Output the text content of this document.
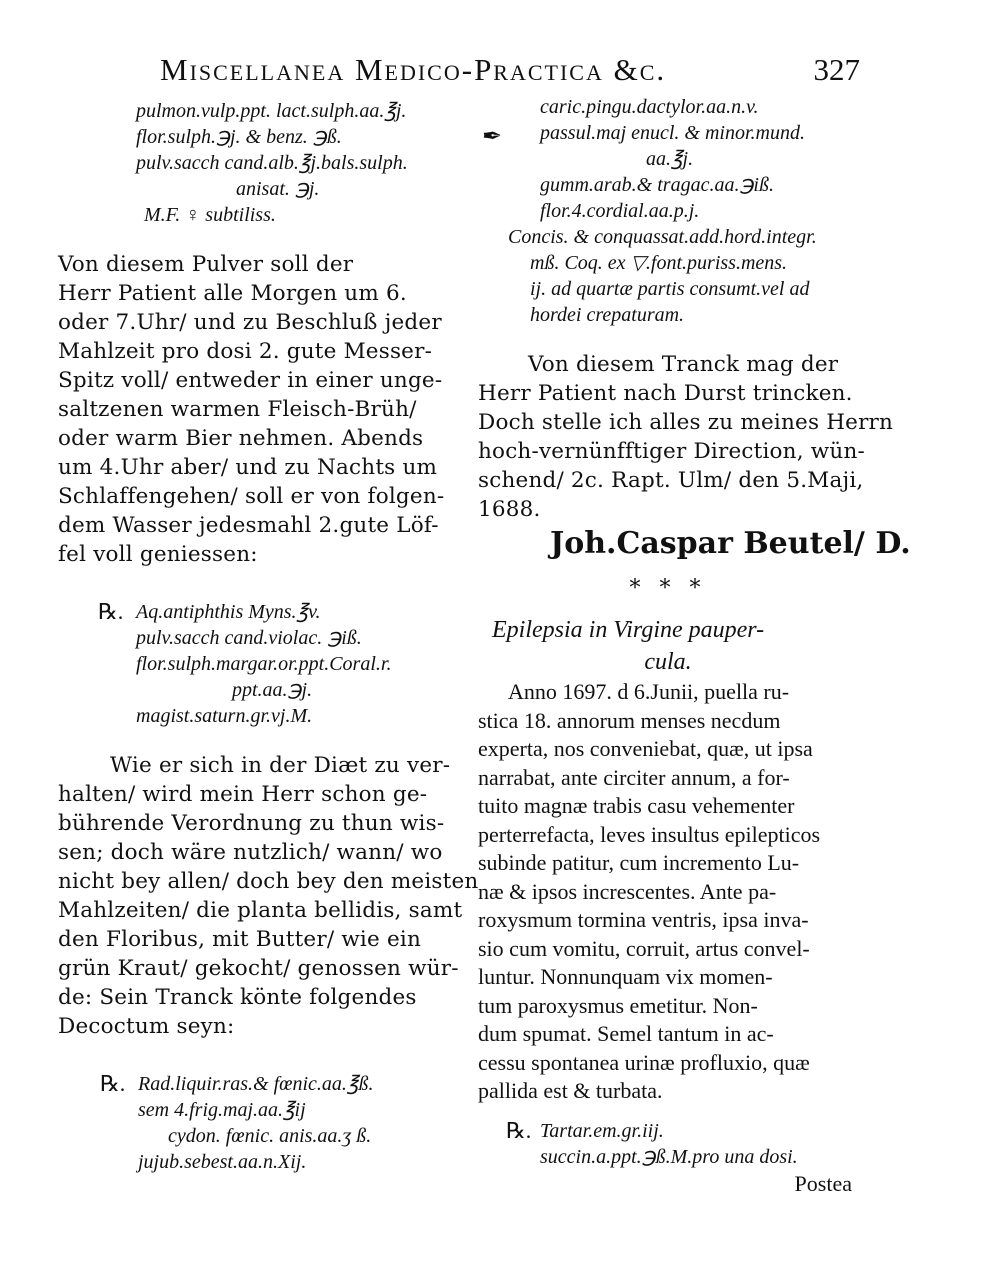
Miscellanea Medico-Practica &c.	327
✒
pulmon.vulp.ppt. lact.sulph.aa.℥j.
flor.sulph.℈j. & benz. ℈ß.
pulv.sacch cand.alb.℥j.bals.sulph.
anisat. ℈j.
M.F. ♀ subtiliss.
Von diesem Pulver soll der
Herr Patient alle Morgen um 6.
oder 7.Uhr/ und zu Beschluß jeder
Mahlzeit pro dosi 2. gute Messer-
Spitz voll/ entweder in einer unge-
saltzenen warmen Fleisch-Brüh/
oder warm Bier nehmen. Abends
um 4.Uhr aber/ und zu Nachts um
Schlaffengehen/ soll er von folgen-
dem Wasser jedesmahl 2.gute Löf-
fel voll geniessen:
℞. Aq.antiphthis Myns.℥v.
pulv.sacch cand.violac. ℈iß.
flor.sulph.margar.or.ppt.Coral.r.
ppt.aa.℈j.
magist.saturn.gr.vj.M.
Wie er sich in der Diæt zu ver-
halten/ wird mein Herr schon ge-
bührende Verordnung zu thun wis-
sen; doch wäre nutzlich/ wann/ wo
nicht bey allen/ doch bey den meisten
Mahlzeiten/ die planta bellidis, samt
den Floribus, mit Butter/ wie ein
grün Kraut/ gekocht/ genossen wür-
de: Sein Tranck könte folgendes
Decoctum seyn:
℞. Rad.liquir.ras.& fœnic.aa.℥ß.
sem 4.frig.maj.aa.℥ij
cydon. fœnic. anis.aa.ʒ ß.
jujub.sebest.aa.n.Xij.
caric.pingu.dactylor.aa.n.v.
passul.maj enucl. & minor.mund.
aa.℥j.
gumm.arab.& tragac.aa.℈iß.
flor.4.cordial.aa.p.j.
Concis. & conquassat.add.hord.integr.
mß. Coq. ex ▽.font.puriss.mens.
ij. ad quartæ partis consumt.vel ad
hordei crepaturam.
Von diesem Tranck mag der
Herr Patient nach Durst trincken.
Doch stelle ich alles zu meines Herrn
hoch-vernünfftiger Direction, wün-
schend/ 2c. Rapt. Ulm/ den 5.Maji,
1688.
Joh.Caspar Beutel/ D.
* * *
Epilepsia in Virgine pauper-
cula.
Anno 1697. d 6.Junii, puella ru-
stica 18. annorum menses necdum
experta, nos conveniebat, quæ, ut ipsa
narrabat, ante circiter annum, a for-
tuito magnæ trabis casu vehementer
perterrefacta, leves insultus epilepticos
subinde patitur, cum incremento Lu-
næ & ipsos increscentes. Ante pa-
roxysmum tormina ventris, ipsa inva-
sio cum vomitu, corruit, artus convel-
luntur. Nonnunquam vix momen-
tum paroxysmus emetitur. Non-
dum spumat. Semel tantum in ac-
cessu spontanea urinæ profluxio, quæ
pallida est & turbata.
℞. Tartar.em.gr.iij.
succin.a.ppt.℈ß.M.pro una dosi.
Postea
